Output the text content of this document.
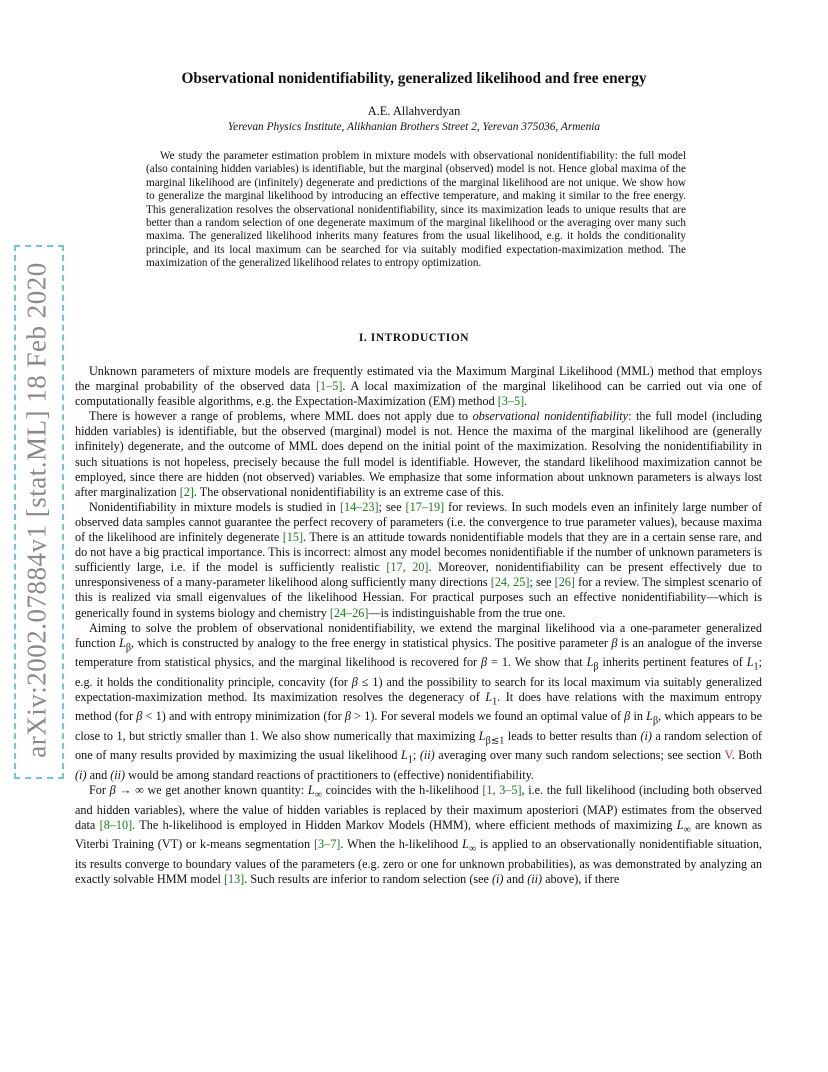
arXiv:2002.07884v1 [stat.ML] 18 Feb 2020
Observational nonidentifiability, generalized likelihood and free energy
A.E. Allahverdyan
Yerevan Physics Institute, Alikhanian Brothers Street 2, Yerevan 375036, Armenia

We study the parameter estimation problem in mixture models with observational nonidentifiability: the full model (also containing hidden variables) is identifiable, but the marginal (observed) model is not. Hence global maxima of the marginal likelihood are (infinitely) degenerate and predictions of the marginal likelihood are not unique. We show how to generalize the marginal likelihood by introducing an effective temperature, and making it similar to the free energy. This generalization resolves the observational nonidentifiability, since its maximization leads to unique results that are better than a random selection of one degenerate maximum of the marginal likelihood or the averaging over many such maxima. The generalized likelihood inherits many features from the usual likelihood, e.g. it holds the conditionality principle, and its local maximum can be searched for via suitably modified expectation-maximization method. The maximization of the generalized likelihood relates to entropy optimization.

I. INTRODUCTION

Unknown parameters of mixture models are frequently estimated via the Maximum Marginal Likelihood (MML) method that employs the marginal probability of the observed data [1–5]. A local maximization of the marginal likelihood can be carried out via one of computationally feasible algorithms, e.g. the Expectation-Maximization (EM) method [3–5].

There is however a range of problems, where MML does not apply due to observational nonidentifiability: the full model (including hidden variables) is identifiable, but the observed (marginal) model is not. Hence the maxima of the marginal likelihood are (generally infinitely) degenerate, and the outcome of MML does depend on the initial point of the maximization. Resolving the nonidentifiability in such situations is not hopeless, precisely because the full model is identifiable. However, the standard likelihood maximization cannot be employed, since there are hidden (not observed) variables. We emphasize that some information about unknown parameters is always lost after marginalization [2]. The observational nonidentifiability is an extreme case of this.

Nonidentifiability in mixture models is studied in [14–23]; see [17–19] for reviews. In such models even an infinitely large number of observed data samples cannot guarantee the perfect recovery of parameters (i.e. the convergence to true parameter values), because maxima of the likelihood are infinitely degenerate [15]. There is an attitude towards nonidentifiable models that they are in a certain sense rare, and do not have a big practical importance. This is incorrect: almost any model becomes nonidentifiable if the number of unknown parameters is sufficiently large, i.e. if the model is sufficiently realistic [17, 20]. Moreover, nonidentifiability can be present effectively due to unresponsiveness of a many-parameter likelihood along sufficiently many directions [24, 25]; see [26] for a review. The simplest scenario of this is realized via small eigenvalues of the likelihood Hessian. For practical purposes such an effective nonidentifiability—which is generically found in systems biology and chemistry [24–26]—is indistinguishable from the true one.

Aiming to solve the problem of observational nonidentifiability, we extend the marginal likelihood via a one-parameter generalized function $L_\beta$, which is constructed by analogy to the free energy in statistical physics. The positive parameter β is an analogue of the inverse temperature from statistical physics, and the marginal likelihood is recovered for β = 1. We show that $L_\beta$ inherits pertinent features of $L_1$; e.g. it holds the conditionality principle, concavity (for β ≤ 1) and the possibility to search for its local maximum via suitably generalized expectation-maximization method. Its maximization resolves the degeneracy of $L_1$. It does have relations with the maximum entropy method (for β < 1) and with entropy minimization (for β > 1). For several models we found an optimal value of β in $L_\beta$, which appears to be close to 1, but strictly smaller than 1. We also show numerically that maximizing $L_{\beta≲1}$ leads to better results than (i) a random selection of one of many results provided by maximizing the usual likelihood $L_1$; (ii) averaging over many such random selections; see section V. Both (i) and (ii) would be among standard reactions of practitioners to (effective) nonidentifiability.

For β → ∞ we get another known quantity: $L_\infty$ coincides with the h-likelihood [1, 3–5], i.e. the full likelihood (including both observed and hidden variables), where the value of hidden variables is replaced by their maximum aposteriori (MAP) estimates from the observed data [8–10]. The h-likelihood is employed in Hidden Markov Models (HMM), where efficient methods of maximizing $L_\infty$ are known as Viterbi Training (VT) or k-means segmentation [3–7]. When the h-likelihood $L_\infty$ is applied to an observationally nonidentifiable situation, its results converge to boundary values of the parameters (e.g. zero or one for unknown probabilities), as was demonstrated by analyzing an exactly solvable HMM model [13]. Such results are inferior to random selection (see (i) and (ii) above), if there
